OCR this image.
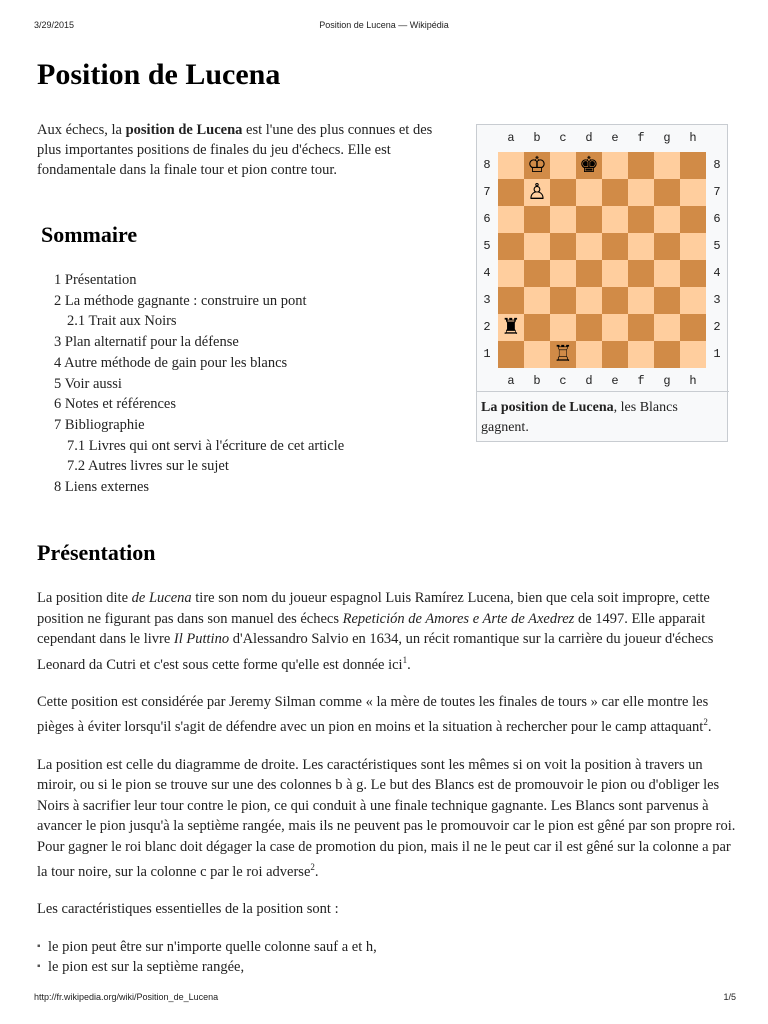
3/29/2015	Position de Lucena — Wikipédia
Position de Lucena

Aux échecs, la position de Lucena est l'une des plus connues et des plus importantes positions de finales du jeu d'échecs. Elle est fondamentale dans la finale tour et pion contre tour.

a	b	c	d	e	f	g	h
8
7
6
5
4
3
2
1
8
7
6
5
4
3
2
1
♔ ♚
♙
♜
♖
a	b	c	d	e	f	g	h
La position de Lucena, les Blancs gagnent.
Sommaire
1 Présentation
2 La méthode gagnante : construire un pont
2.1 Trait aux Noirs
3 Plan alternatif pour la défense
4 Autre méthode de gain pour les blancs
5 Voir aussi
6 Notes et références
7 Bibliographie
7.1 Livres qui ont servi à l'écriture de cet article
7.2 Autres livres sur le sujet
8 Liens externes
Présentation

La position dite de Lucena tire son nom du joueur espagnol Luis Ramírez Lucena, bien que cela soit impropre, cette position ne figurant pas dans son manuel des échecs Repetición de Amores e Arte de Axedrez de 1497. Elle apparait cependant dans le livre Il Puttino d'Alessandro Salvio en 1634, un récit romantique sur la carrière du joueur d'échecs Leonard da Cutri et c'est sous cette forme qu'elle est donnée ici$^1$.

Cette position est considérée par Jeremy Silman comme « la mère de toutes les finales de tours » car elle montre les pièges à éviter lorsqu'il s'agit de défendre avec un pion en moins et la situation à rechercher pour le camp attaquant$^2$.

La position est celle du diagramme de droite. Les caractéristiques sont les mêmes si on voit la position à travers un miroir, ou si le pion se trouve sur une des colonnes b à g. Le but des Blancs est de promouvoir le pion ou d'obliger les Noirs à sacrifier leur tour contre le pion, ce qui conduit à une finale technique gagnante. Les Blancs sont parvenus à avancer le pion jusqu'à la septième rangée, mais ils ne peuvent pas le promouvoir car le pion est gêné par son propre roi. Pour gagner le roi blanc doit dégager la case de promotion du pion, mais il ne le peut car il est gêné sur la colonne a par la tour noire, sur la colonne c par le roi adverse$^2$.

Les caractéristiques essentielles de la position sont :

▪ le pion peut être sur n'importe quelle colonne sauf a et h,
▪ le pion est sur la septième rangée,
http://fr.wikipedia.org/wiki/Position_de_Lucena	1/5
